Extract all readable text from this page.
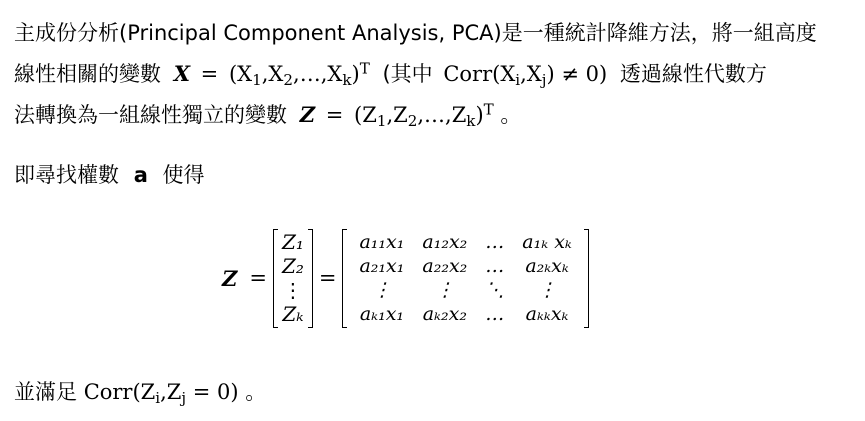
主成份分析(Principal Component Analysis, PCA)是一種統計降維方法，將一組高度
線性相關的變數 $X = (X_1,X_2,\dots,X_k)^T$ (其中 $Corr(X_i,X_j) \ne 0$) 透過線性代數方
法轉換為一組線性獨立的變數 $Z = (Z_1,Z_2,\dots,Z_k)^T$ 。
即尋找權數 a 使得
Z =
Z₁
Z₂
⋮
Zₖ
=
a₁₁x₁	a₁₂x₂	…	a₁ₖ xₖ
a₂₁x₁	a₂₂x₂	…	a₂ₖxₖ
⋮	⋮	⋱	⋮
aₖ₁x₁	aₖ₂x₂	…	aₖₖxₖ
並滿足 $Corr(Z_i,Z_j = 0)$ 。
